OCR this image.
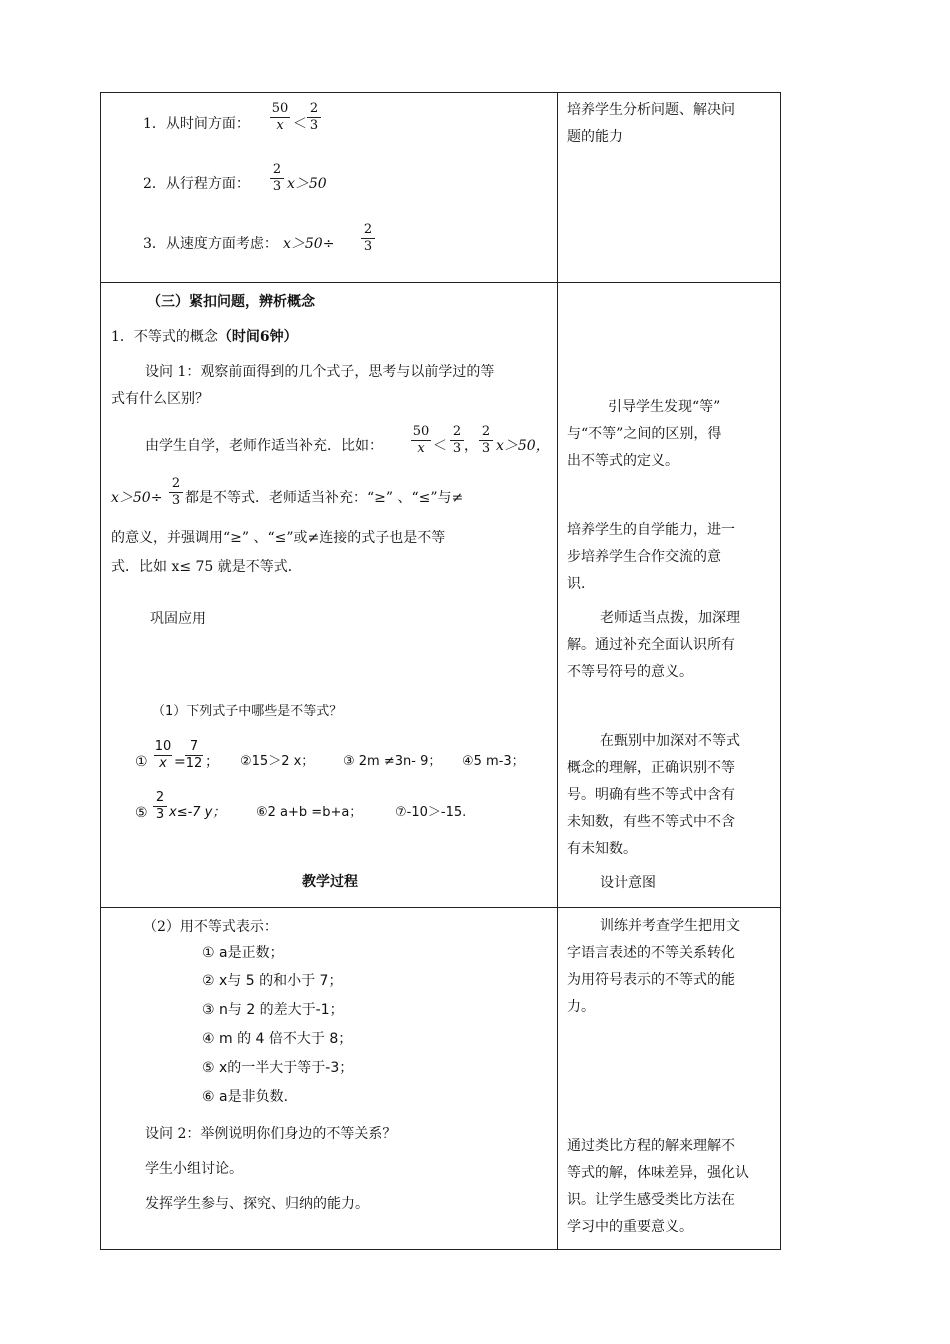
1．从时间方面： $\frac{50}{x} < \frac{2}{3}$
2．从行程方面： $\frac{2}{3} x>50$
3．从速度方面考虑： $x>50\div \frac{2}{3}$
培养学生分析问题、解决问
题的能力
（三）紧扣问题，辨析概念
1．不等式的概念（时间6钟）
设问 1：观察前面得到的几个式子，思考与以前学过的等
式有什么区别？
由学生自学，老师作适当补充．比如： $\frac{50}{x} < \frac{2}{3}$ ， $\frac{2}{3} x>50$，
$x>50\div \frac{2}{3}$ 都是不等式．老师适当补充：“≥” 、“≤”与≠
的意义，并强调用“≥” 、“≤”或≠连接的式子也是不等
式．比如 x≤ 75 就是不等式．
巩固应用
（1）下列式子中哪些是不等式？
① $\frac{10}{x} = \frac{7}{12}$ ； ②15＞2 x； ③ 2m ≠3n- 9； ④5 m-3；
⑤ $\frac{2}{3} x\le-7$ y； ⑥2 a+b =b+a；	⑦-10＞-15.
教学过程
引导学生发现“等”
与“不等”之间的区别，得
出不等式的定义。
培养学生的自学能力，进一
步培养学生合作交流的意
识.
老师适当点拨，加深理
解。通过补充全面认识所有
不等号符号的意义。
在甄别中加深对不等式
概念的理解，正确识别不等
号。明确有些不等式中含有
未知数，有些不等式中不含
有未知数。
设计意图
（2）用不等式表示：
① a是正数；
② x与 5 的和小于 7；
③ n与 2 的差大于-1；
④ m 的 4 倍不大于 8；
⑤ x的一半大于等于-3；
⑥ a是非负数．
设问 2：举例说明你们身边的不等关系？
学生小组讨论。
发挥学生参与、探究、归纳的能力。
训练并考查学生把用文
字语言表述的不等关系转化
为用符号表示的不等式的能
力。
通过类比方程的解来理解不
等式的解，体味差异，强化认
识。让学生感受类比方法在
学习中的重要意义。
